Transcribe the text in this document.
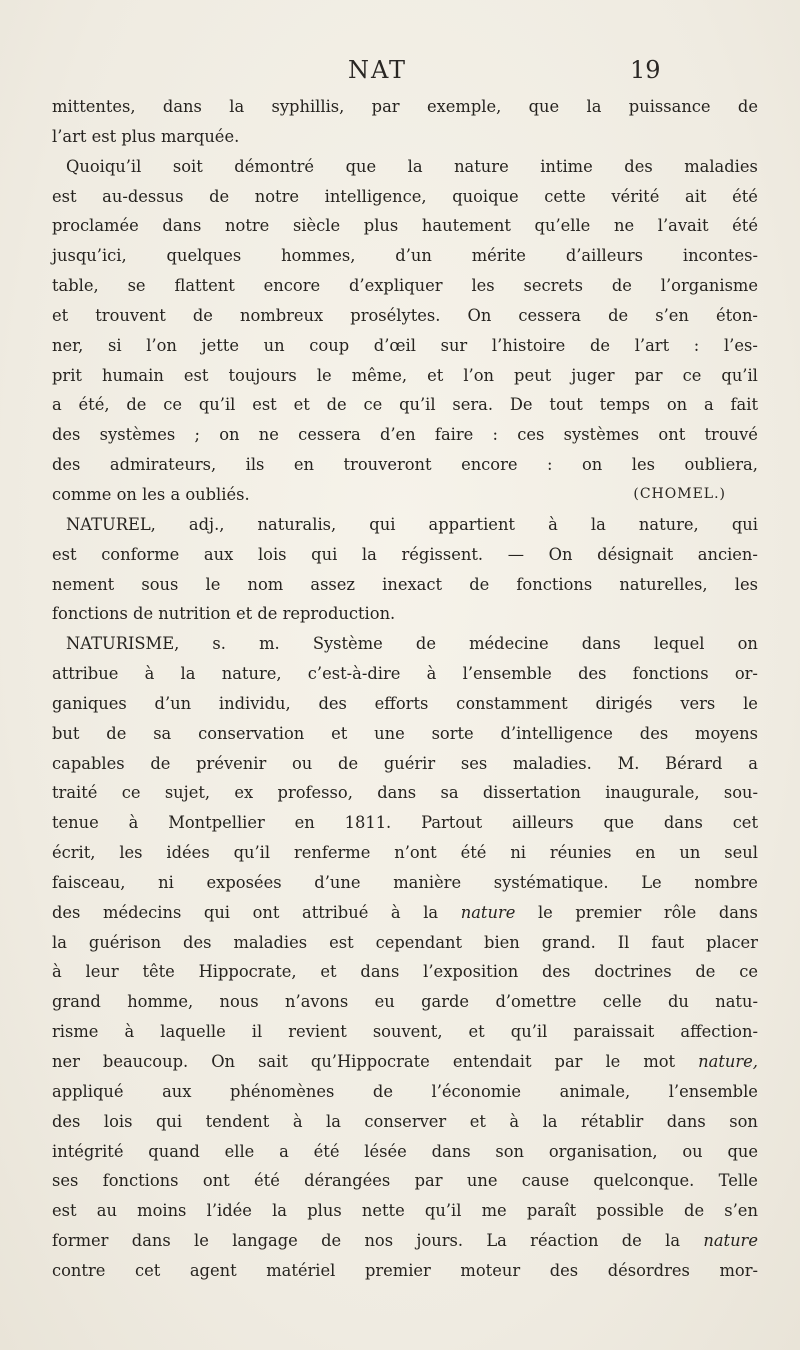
NAT	19
mittentes, dans la syphillis, par exemple, que la puissance de
l’art est plus marquée.
Quoiqu’il soit démontré que la nature intime des maladies
est au-dessus de notre intelligence, quoique cette vérité ait été
proclamée dans notre siècle plus hautement qu’elle ne l’avait été
jusqu’ici, quelques hommes, d’un mérite d’ailleurs incontes-
table, se flattent encore d’expliquer les secrets de l’organisme
et trouvent de nombreux prosélytes. On cessera de s’en éton-
ner, si l’on jette un coup d’œil sur l’histoire de l’art : l’es-
prit humain est toujours le même, et l’on peut juger par ce qu’il
a été, de ce qu’il est et de ce qu’il sera. De tout temps on a fait
des systèmes ; on ne cessera d’en faire : ces systèmes ont trouvé
des admirateurs, ils en trouveront encore : on les oubliera,
comme on les a oubliés.	(CHOMEL.)
NATUREL, adj., naturalis, qui appartient à la nature, qui
est conforme aux lois qui la régissent. — On désignait ancien-
nement sous le nom assez inexact de fonctions naturelles, les
fonctions de nutrition et de reproduction.
NATURISME, s. m. Système de médecine dans lequel on
attribue à la nature, c’est-à-dire à l’ensemble des fonctions or-
ganiques d’un individu, des efforts constamment dirigés vers le
but de sa conservation et une sorte d’intelligence des moyens
capables de prévenir ou de guérir ses maladies. M. Bérard a
traité ce sujet, ex professo, dans sa dissertation inaugurale, sou-
tenue à Montpellier en 1811. Partout ailleurs que dans cet
écrit, les idées qu’il renferme n’ont été ni réunies en un seul
faisceau, ni exposées d’une manière systématique. Le nombre
des médecins qui ont attribué à la nature le premier rôle dans
la guérison des maladies est cependant bien grand. Il faut placer
à leur tête Hippocrate, et dans l’exposition des doctrines de ce
grand homme, nous n’avons eu garde d’omettre celle du natu-
risme à laquelle il revient souvent, et qu’il paraissait affection-
ner beaucoup. On sait qu’Hippocrate entendait par le mot nature,
appliqué aux phénomènes de l’économie animale, l’ensemble
des lois qui tendent à la conserver et à la rétablir dans son
intégrité quand elle a été lésée dans son organisation, ou que
ses fonctions ont été dérangées par une cause quelconque. Telle
est au moins l’idée la plus nette qu’il me paraît possible de s’en
former dans le langage de nos jours. La réaction de la nature
contre cet agent matériel premier moteur des désordres mor-
